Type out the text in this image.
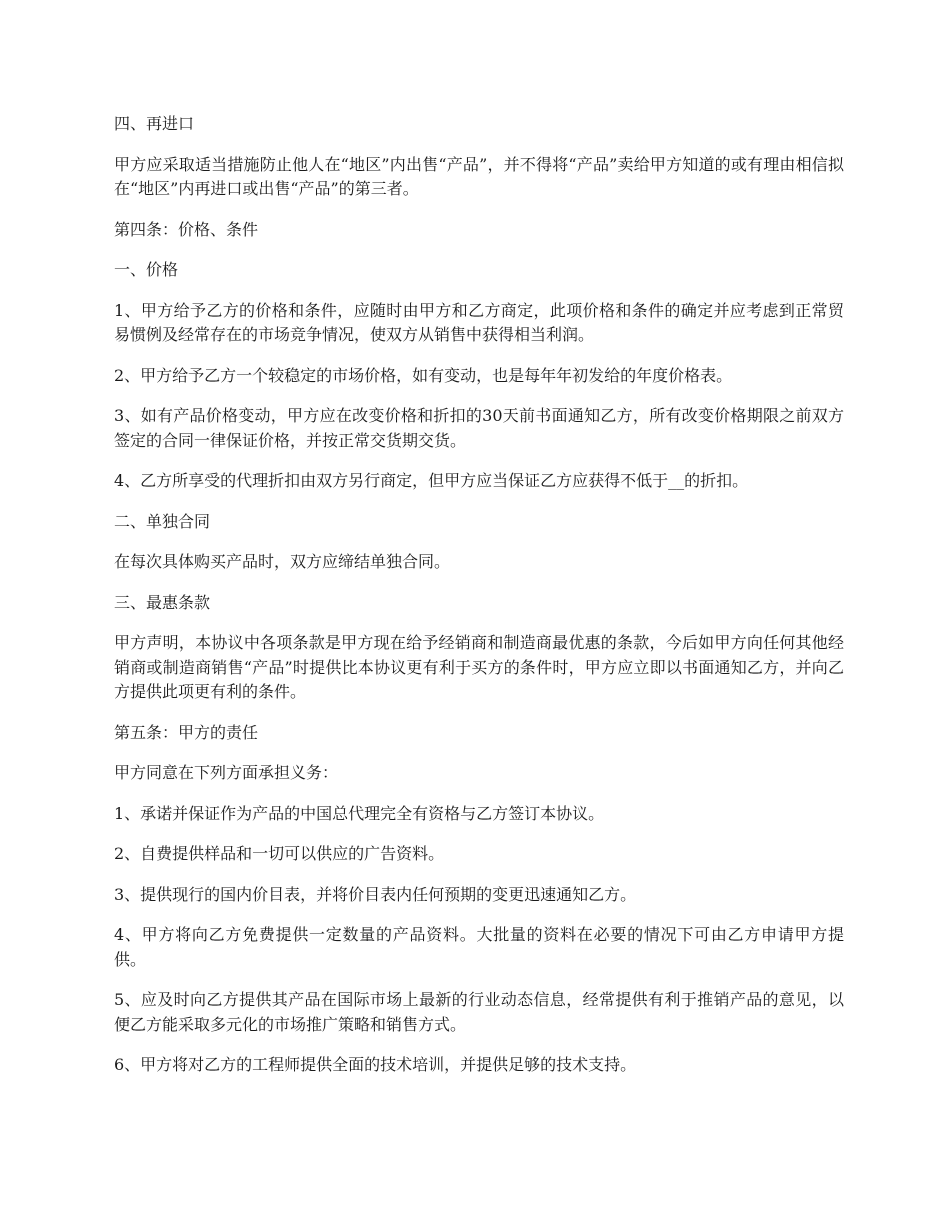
四、再进口

甲方应采取适当措施防止他人在“地区”内出售“产品”，并不得将“产品”卖给甲方知道的或有理由相信拟在“地区”内再进口或出售“产品”的第三者。

第四条：价格、条件

一、价格

1、甲方给予乙方的价格和条件，应随时由甲方和乙方商定，此项价格和条件的确定并应考虑到正常贸易惯例及经常存在的市场竞争情况，使双方从销售中获得相当利润。

2、甲方给予乙方一个较稳定的市场价格，如有变动，也是每年年初发给的年度价格表。

3、如有产品价格变动，甲方应在改变价格和折扣的30天前书面通知乙方，所有改变价格期限之前双方签定的合同一律保证价格，并按正常交货期交货。

4、乙方所享受的代理折扣由双方另行商定，但甲方应当保证乙方应获得不低于__的折扣。

二、单独合同

在每次具体购买产品时，双方应缔结单独合同。

三、最惠条款

甲方声明，本协议中各项条款是甲方现在给予经销商和制造商最优惠的条款，今后如甲方向任何其他经销商或制造商销售“产品”时提供比本协议更有利于买方的条件时，甲方应立即以书面通知乙方，并向乙方提供此项更有利的条件。

第五条：甲方的责任

甲方同意在下列方面承担义务：

1、承诺并保证作为产品的中国总代理完全有资格与乙方签订本协议。

2、自费提供样品和一切可以供应的广告资料。

3、提供现行的国内价目表，并将价目表内任何预期的变更迅速通知乙方。

4、甲方将向乙方免费提供一定数量的产品资料。大批量的资料在必要的情况下可由乙方申请甲方提供。

5、应及时向乙方提供其产品在国际市场上最新的行业动态信息，经常提供有利于推销产品的意见，以便乙方能采取多元化的市场推广策略和销售方式。

6、甲方将对乙方的工程师提供全面的技术培训，并提供足够的技术支持。
